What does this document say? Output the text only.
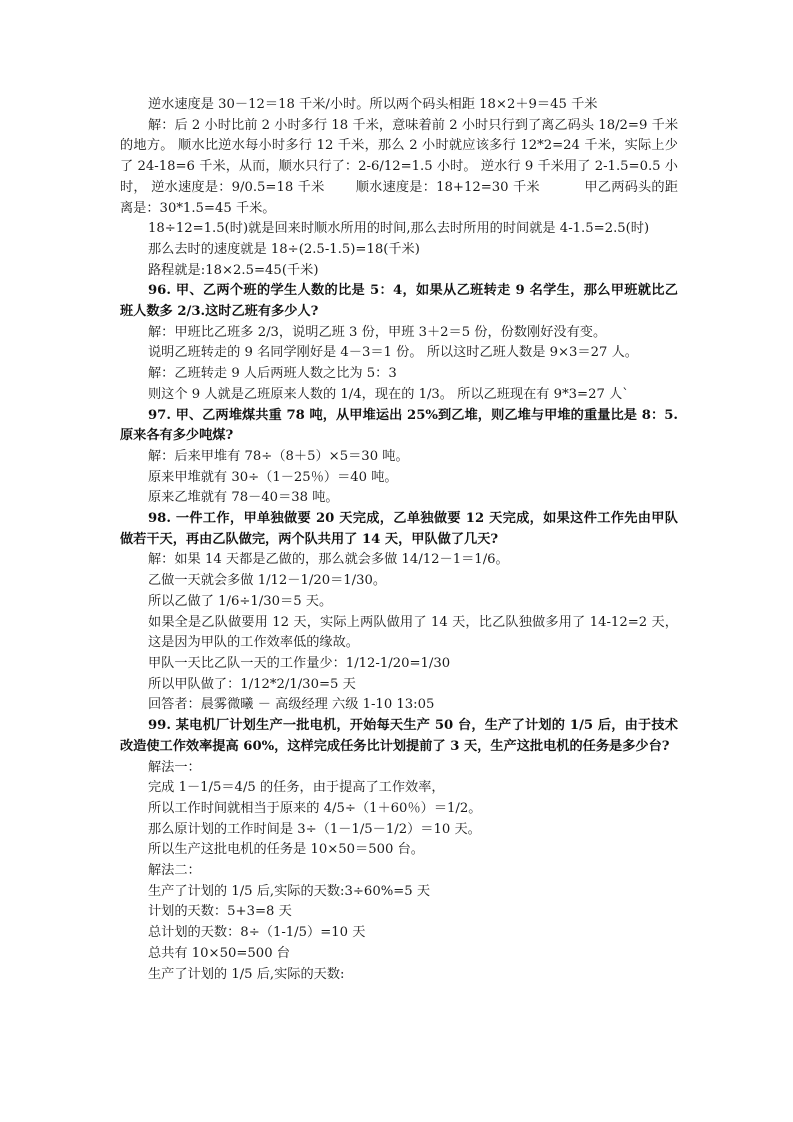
逆水速度是 30－12＝18 千米/小时。所以两个码头相距 18×2＋9＝45 千米

解：后 2 小时比前 2 小时多行 18 千米，意味着前 2 小时只行到了离乙码头 18/2=9 千米的地方。 顺水比逆水每小时多行 12 千米，那么 2 小时就应该多行 12*2=24 千米，实际上少了 24-18=6 千米，从而，顺水只行了：2-6/12=1.5 小时。 逆水行 9 千米用了 2-1.5=0.5 小时， 逆水速度是：9/0.5=18 千米　　 顺水速度是：18+12=30 千米　　　 甲乙两码头的距离是：30*1.5=45 千米。

18÷12=1.5(时)就是回来时顺水所用的时间,那么去时所用的时间就是 4-1.5=2.5(时)

那么去时的速度就是 18÷(2.5-1.5)=18(千米)

路程就是:18×2.5=45(千米)

96. 甲、乙两个班的学生人数的比是 5：4，如果从乙班转走 9 名学生，那么甲班就比乙班人数多 2/3.这时乙班有多少人?

解：甲班比乙班多 2/3，说明乙班 3 份，甲班 3＋2＝5 份，份数刚好没有变。

说明乙班转走的 9 名同学刚好是 4－3＝1 份。 所以这时乙班人数是 9×3＝27 人。

解：乙班转走 9 人后两班人数之比为 5：3

则这个 9 人就是乙班原来人数的 1/4，现在的 1/3。 所以乙班现在有 9*3=27 人`

97. 甲、乙两堆煤共重 78 吨，从甲堆运出 25%到乙堆，则乙堆与甲堆的重量比是 8：5.原来各有多少吨煤?

解：后来甲堆有 78÷（8＋5）×5＝30 吨。

原来甲堆就有 30÷（1－25％）＝40 吨。

原来乙堆就有 78－40＝38 吨。

98. 一件工作，甲单独做要 20 天完成，乙单独做要 12 天完成，如果这件工作先由甲队做若干天，再由乙队做完，两个队共用了 14 天，甲队做了几天?

解：如果 14 天都是乙做的，那么就会多做 14/12－1＝1/6。

乙做一天就会多做 1/12－1/20＝1/30。

所以乙做了 1/6÷1/30＝5 天。

如果全是乙队做要用 12 天，实际上两队做用了 14 天，比乙队独做多用了 14-12=2 天，这是因为甲队的工作效率低的缘故。

甲队一天比乙队一天的工作量少：1/12-1/20=1/30

所以甲队做了：1/12*2/1/30=5 天

回答者：晨雾微曦 － 高级经理 六级 1-10 13:05

99. 某电机厂计划生产一批电机，开始每天生产 50 台，生产了计划的 1/5 后，由于技术改造使工作效率提高 60%，这样完成任务比计划提前了 3 天，生产这批电机的任务是多少台?

解法一：

完成 1－1/5＝4/5 的任务，由于提高了工作效率，

所以工作时间就相当于原来的 4/5÷（1＋60％）＝1/2。

那么原计划的工作时间是 3÷（1－1/5－1/2）＝10 天。

所以生产这批电机的任务是 10×50＝500 台。

解法二：

生产了计划的 1/5 后,实际的天数:3÷60%=5 天

计划的天数：5+3=8 天

总计划的天数：8÷（1-1/5）=10 天

总共有 10×50=500 台

生产了计划的 1/5 后,实际的天数:
